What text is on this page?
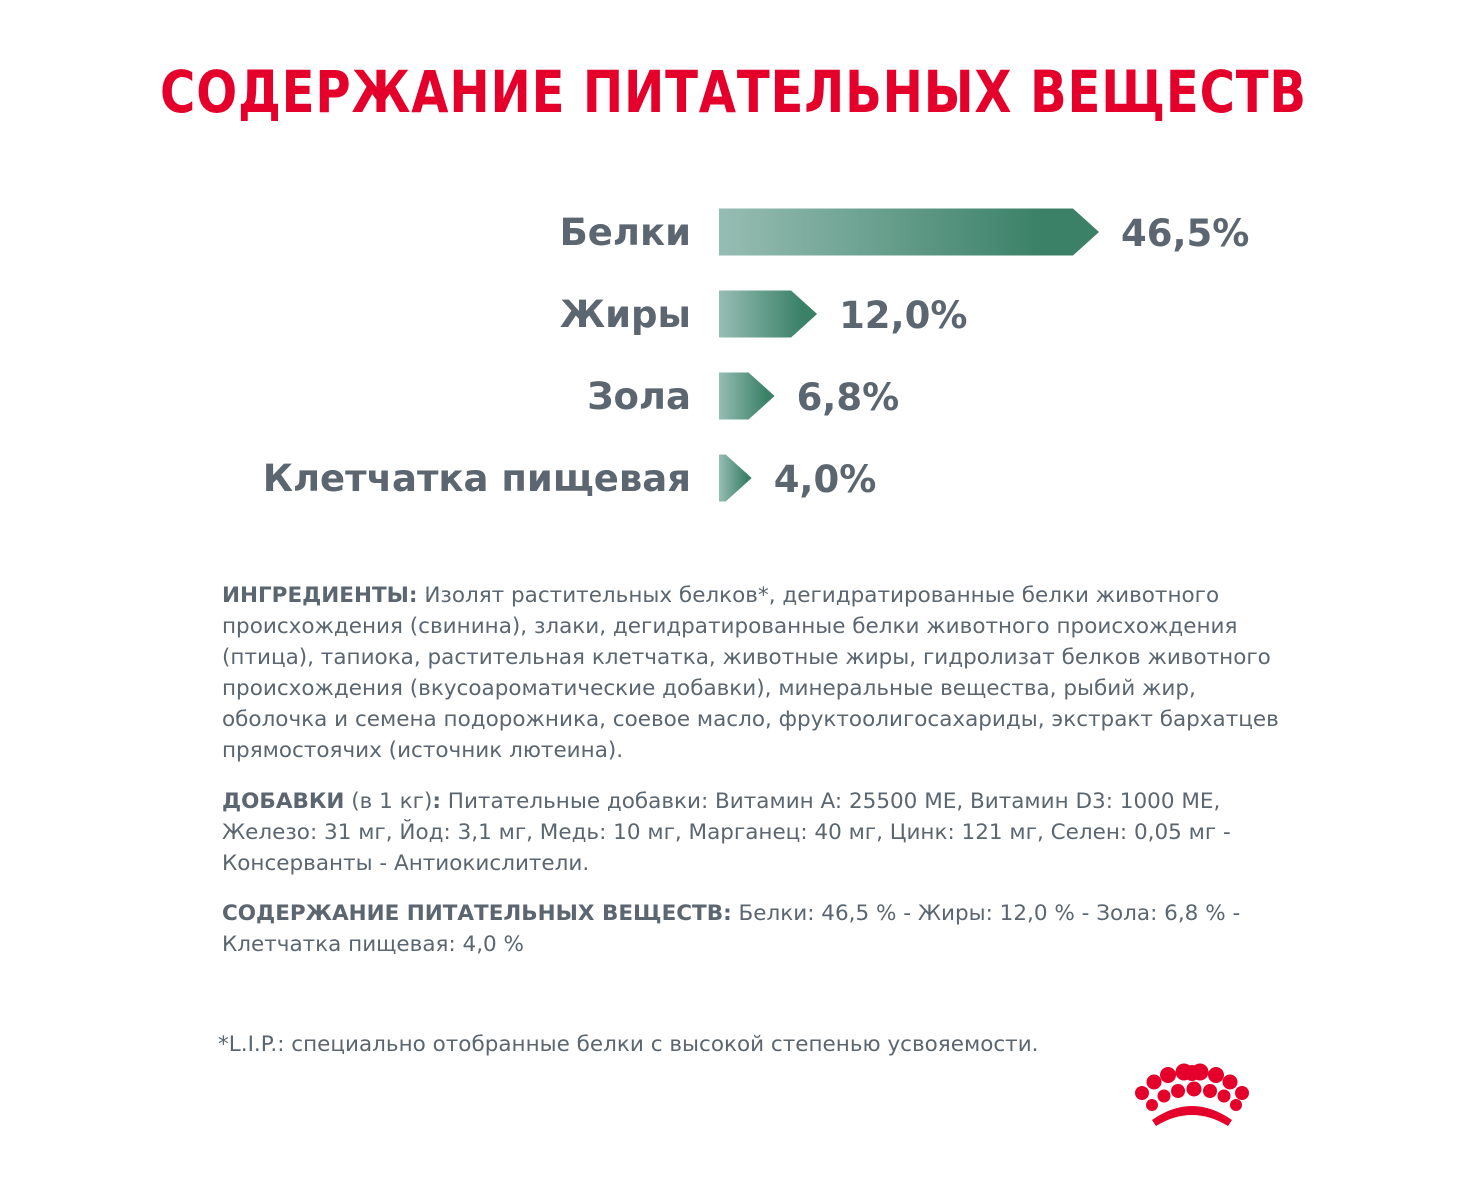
СОДЕРЖАНИЕ ПИТАТЕЛЬНЫХ ВЕЩЕСТВ
Белки	46,5%
Жиры	12,0%
Зола	6,8%
Клетчатка пищевая 4,0%
ИНГРЕДИЕНТЫ: Изолят растительных белков*, дегидратированные белки животного происхождения (свинина), злаки, дегидратированные белки животного происхождения (птица), тапиока, растительная клетчатка, животные жиры, гидролизат белков животного происхождения (вкусоароматические добавки), минеральные вещества, рыбий жир, оболочка и семена подорожника, соевое масло, фруктоолигосахариды, экстракт бархатцев прямостоячих (источник лютеина).
ДОБАВКИ (в 1 кг): Питательные добавки: Витамин A: 25500 МЕ, Витамин D3: 1000 МЕ, Железо: 31 мг, Йод: 3,1 мг, Медь: 10 мг, Марганец: 40 мг, Цинк: 121 мг, Селен: 0,05 мг - Консерванты - Антиокислители.
СОДЕРЖАНИЕ ПИТАТЕЛЬНЫХ ВЕЩЕСТВ: Белки: 46,5 % - Жиры: 12,0 % - Зола: 6,8 % - Клетчатка пищевая: 4,0 %
*L.I.P.: специально отобранные белки с высокой степенью усвояемости.
